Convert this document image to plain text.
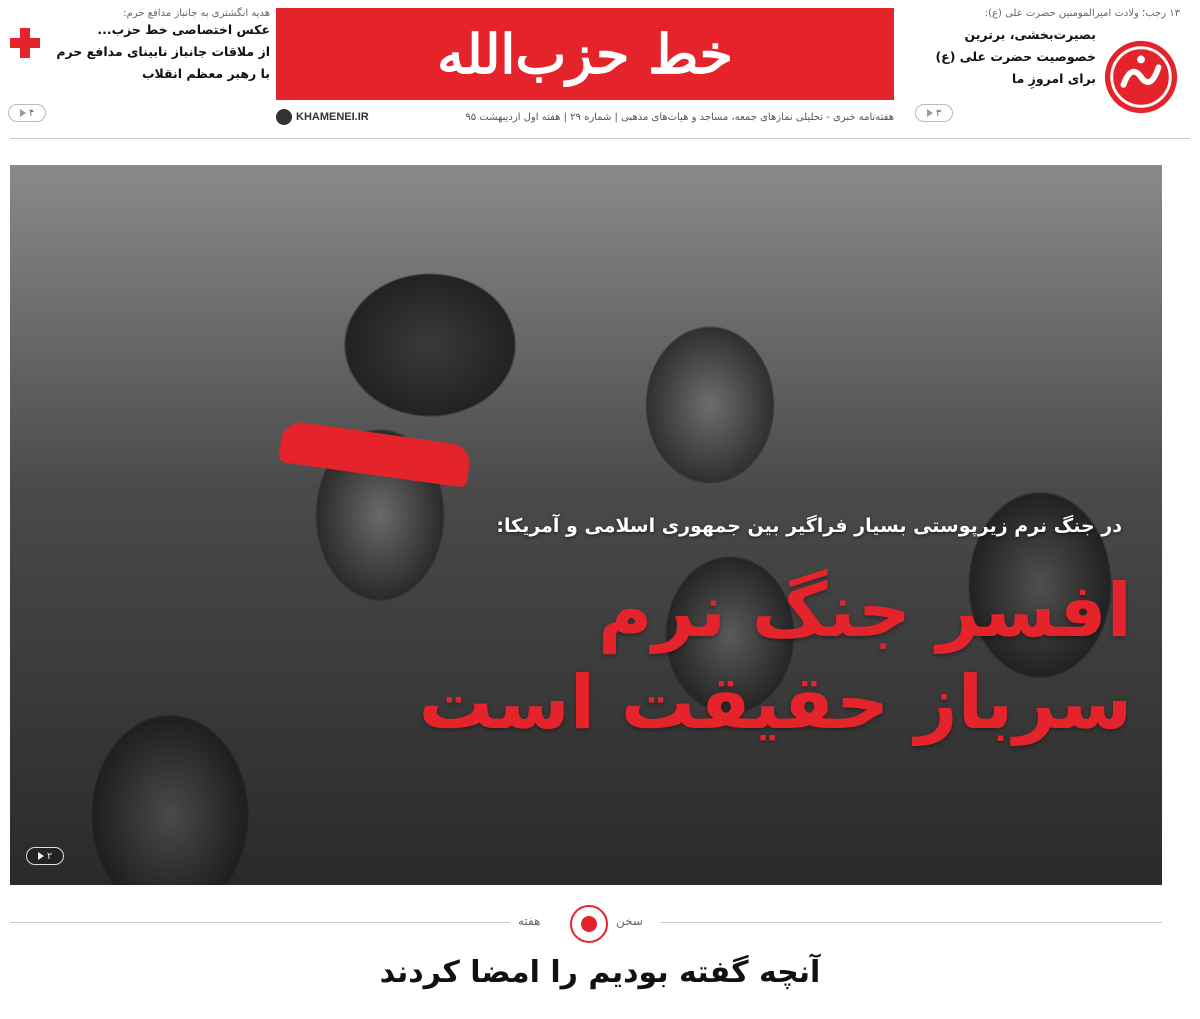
۱۳ رجب؛ ولادت امیرالمومنین حضرت علی (ع):
بصیرت‌بخشی، برترین
خصوصیت حضرت علی (ع)
برای امروزِ ما
۳
خط حزب‌الله
KHAMENEI.IR	هفته‌نامه خبری - تحلیلی نمازهای جمعه، مساجد و هیات‌های مذهبی | شماره ۲۹ | هفته اول اردیبهشت ۹۵
هدیه انگشتری به جانباز مدافع حرم:
عکس اختصاصی خط حزب‌...
از ملاقات جانباز نابینای مدافع حرم
با رهبر معظم انقلاب
۴
در جنگ نرم زیرپوستی بسیار فراگیر بین جمهوری اسلامی و آمریکا:
افسر جنگ نرم
سرباز حقیقت است
۲
هفته	سخن
آنچه گفته بودیم را امضا کردند
